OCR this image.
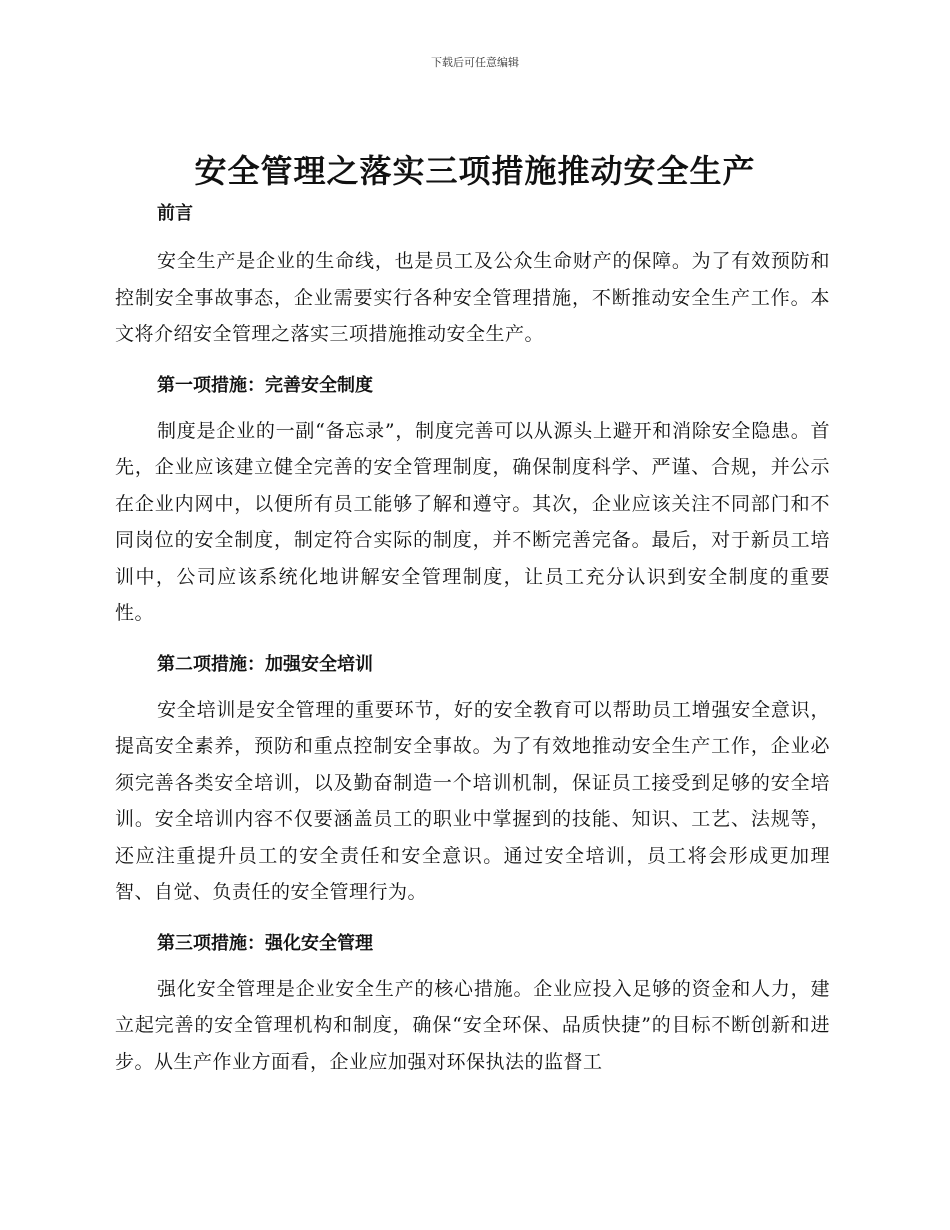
下载后可任意编辑
安全管理之落实三项措施推动安全生产
前言

安全生产是企业的生命线，也是员工及公众生命财产的保障。为了有效预防和控制安全事故事态，企业需要实行各种安全管理措施，不断推动安全生产工作。本文将介绍安全管理之落实三项措施推动安全生产。

第一项措施：完善安全制度

制度是企业的一副“备忘录”，制度完善可以从源头上避开和消除安全隐患。首先，企业应该建立健全完善的安全管理制度，确保制度科学、严谨、合规，并公示在企业内网中，以便所有员工能够了解和遵守。其次，企业应该关注不同部门和不同岗位的安全制度，制定符合实际的制度，并不断完善完备。最后，对于新员工培训中，公司应该系统化地讲解安全管理制度，让员工充分认识到安全制度的重要性。

第二项措施：加强安全培训

安全培训是安全管理的重要环节，好的安全教育可以帮助员工增强安全意识，提高安全素养，预防和重点控制安全事故。为了有效地推动安全生产工作，企业必须完善各类安全培训，以及勤奋制造一个培训机制，保证员工接受到足够的安全培训。安全培训内容不仅要涵盖员工的职业中掌握到的技能、知识、工艺、法规等，还应注重提升员工的安全责任和安全意识。通过安全培训，员工将会形成更加理智、自觉、负责任的安全管理行为。

第三项措施：强化安全管理

强化安全管理是企业安全生产的核心措施。企业应投入足够的资金和人力，建立起完善的安全管理机构和制度，确保“安全环保、品质快捷”的目标不断创新和进步。从生产作业方面看，企业应加强对环保执法的监督工
